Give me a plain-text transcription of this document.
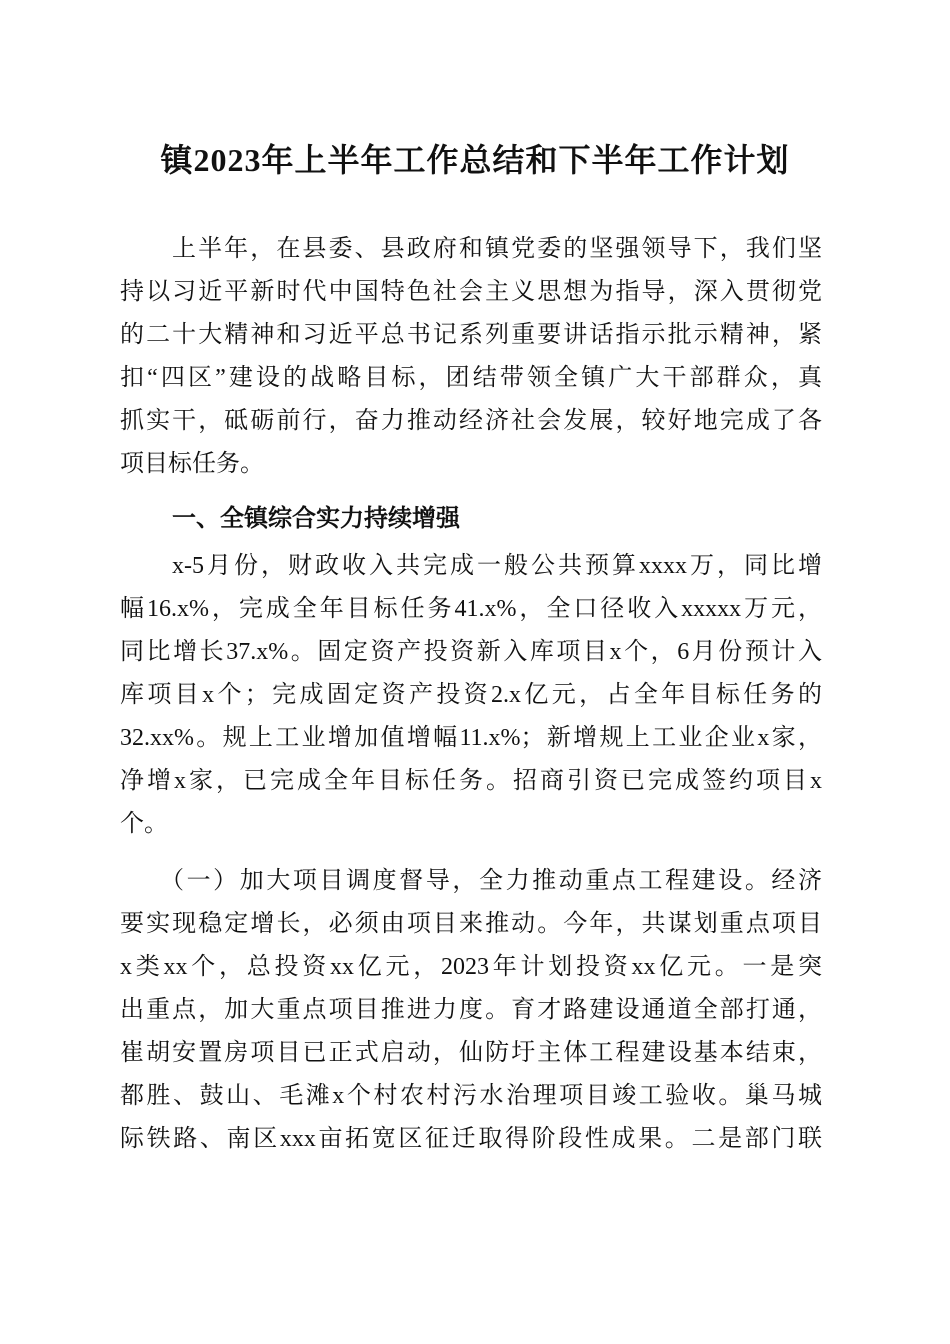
镇2023年上半年工作总结和下半年工作计划
上半年，在县委、县政府和镇党委的坚强领导下，我们坚
持以习近平新时代中国特色社会主义思想为指导，深入贯彻党
的二十大精神和习近平总书记系列重要讲话指示批示精神，紧
扣“四区”建设的战略目标，团结带领全镇广大干部群众，真
抓实干，砥砺前行，奋力推动经济社会发展，较好地完成了各
项目标任务。
一、全镇综合实力持续增强
x-5月份，财政收入共完成一般公共预算xxxx万，同比增
幅16.x%，完成全年目标任务41.x%，全口径收入xxxxx万元，
同比增长37.x%。固定资产投资新入库项目x个，6月份预计入
库项目x个；完成固定资产投资2.x亿元，占全年目标任务的
32.xx%。规上工业增加值增幅11.x%；新增规上工业企业x家，
净增x家，已完成全年目标任务。招商引资已完成签约项目x
个。
（一）加大项目调度督导，全力推动重点工程建设。经济
要实现稳定增长，必须由项目来推动。今年，共谋划重点项目
x类xx个，总投资xx亿元，2023年计划投资xx亿元。一是突
出重点，加大重点项目推进力度。育才路建设通道全部打通，
崔胡安置房项目已正式启动，仙防圩主体工程建设基本结束，
都胜、鼓山、毛滩x个村农村污水治理项目竣工验收。巢马城
际铁路、南区xxx亩拓宽区征迁取得阶段性成果。二是部门联
